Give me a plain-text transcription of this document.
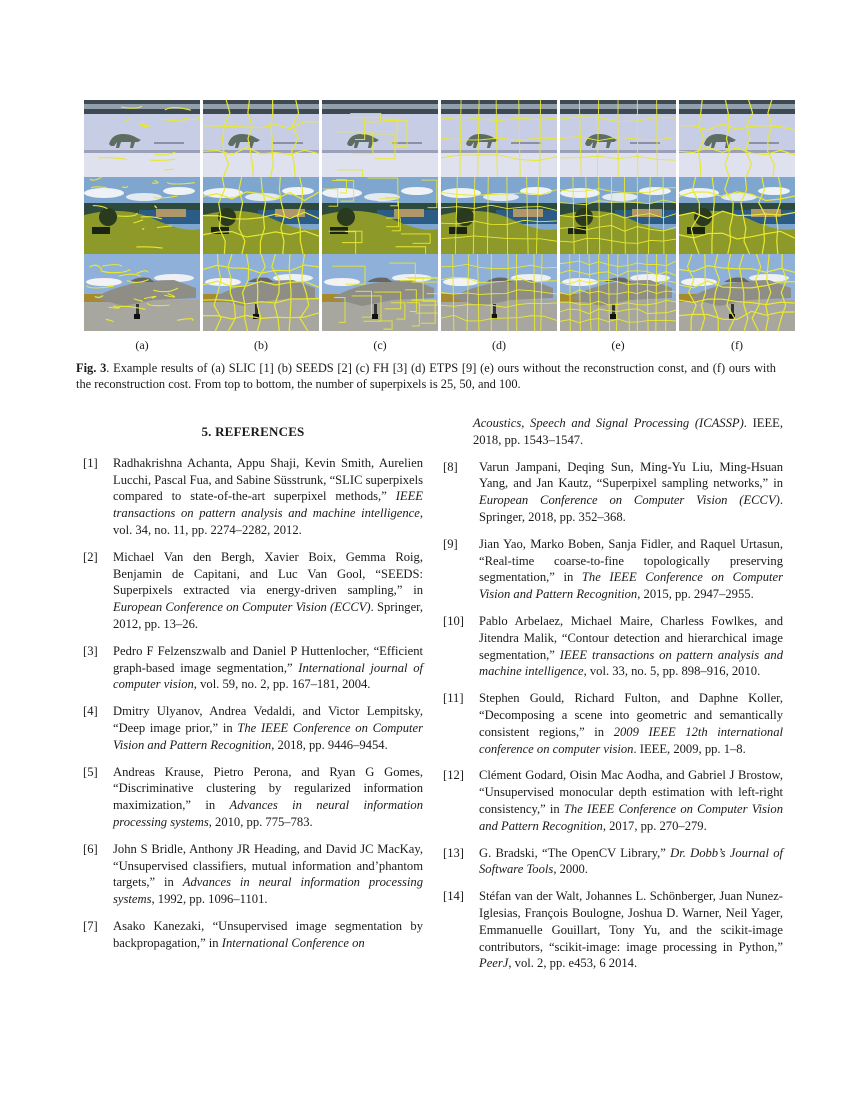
(a)	(b)	(c)	(d)	(e)	(f)
Fig. 3. Example results of (a) SLIC [1] (b) SEEDS [2] (c) FH [3] (d) ETPS [9] (e) ours without the reconstruction const, and (f) ours with the reconstruction cost. From top to bottom, the number of superpixels is 25, 50, and 100.
5. REFERENCES
[1]	Radhakrishna Achanta, Appu Shaji, Kevin Smith, Aurelien Lucchi, Pascal Fua, and Sabine Süsstrunk, “SLIC superpixels compared to state-of-the-art superpixel methods,” IEEE transactions on pattern analysis and machine intelligence, vol. 34, no. 11, pp. 2274–2282, 2012.
[2]	Michael Van den Bergh, Xavier Boix, Gemma Roig, Benjamin de Capitani, and Luc Van Gool, “SEEDS: Superpixels extracted via energy-driven sampling,” in European Conference on Computer Vision (ECCV). Springer, 2012, pp. 13–26.
[3]	Pedro F Felzenszwalb and Daniel P Huttenlocher, “Efficient graph-based image segmentation,” International journal of computer vision, vol. 59, no. 2, pp. 167–181, 2004.
[4]	Dmitry Ulyanov, Andrea Vedaldi, and Victor Lempitsky, “Deep image prior,” in The IEEE Conference on Computer Vision and Pattern Recognition, 2018, pp. 9446–9454.
[5]	Andreas Krause, Pietro Perona, and Ryan G Gomes, “Discriminative clustering by regularized information maximization,” in Advances in neural information processing systems, 2010, pp. 775–783.
[6]	John S Bridle, Anthony JR Heading, and David JC MacKay, “Unsupervised classifiers, mutual information and’phantom targets,” in Advances in neural information processing systems, 1992, pp. 1096–1101.
[7]	Asako Kanezaki, “Unsupervised image segmentation by backpropagation,” in International Conference on
Acoustics, Speech and Signal Processing (ICASSP). IEEE, 2018, pp. 1543–1547.
[8]	Varun Jampani, Deqing Sun, Ming-Yu Liu, Ming-Hsuan Yang, and Jan Kautz, “Superpixel sampling networks,” in European Conference on Computer Vision (ECCV). Springer, 2018, pp. 352–368.
[9]	Jian Yao, Marko Boben, Sanja Fidler, and Raquel Urtasun, “Real-time coarse-to-fine topologically preserving segmentation,” in The IEEE Conference on Computer Vision and Pattern Recognition, 2015, pp. 2947–2955.
[10]	Pablo Arbelaez, Michael Maire, Charless Fowlkes, and Jitendra Malik, “Contour detection and hierarchical image segmentation,” IEEE transactions on pattern analysis and machine intelligence, vol. 33, no. 5, pp. 898–916, 2010.
[11]	Stephen Gould, Richard Fulton, and Daphne Koller, “Decomposing a scene into geometric and semantically consistent regions,” in 2009 IEEE 12th international conference on computer vision. IEEE, 2009, pp. 1–8.
[12]	Clément Godard, Oisin Mac Aodha, and Gabriel J Brostow, “Unsupervised monocular depth estimation with left-right consistency,” in The IEEE Conference on Computer Vision and Pattern Recognition, 2017, pp. 270–279.
[13]	G. Bradski, “The OpenCV Library,” Dr. Dobb’s Journal of Software Tools, 2000.
[14]	Stéfan van der Walt, Johannes L. Schönberger, Juan Nunez-Iglesias, François Boulogne, Joshua D. Warner, Neil Yager, Emmanuelle Gouillart, Tony Yu, and the scikit-image contributors, “scikit-image: image processing in Python,” PeerJ, vol. 2, pp. e453, 6 2014.
